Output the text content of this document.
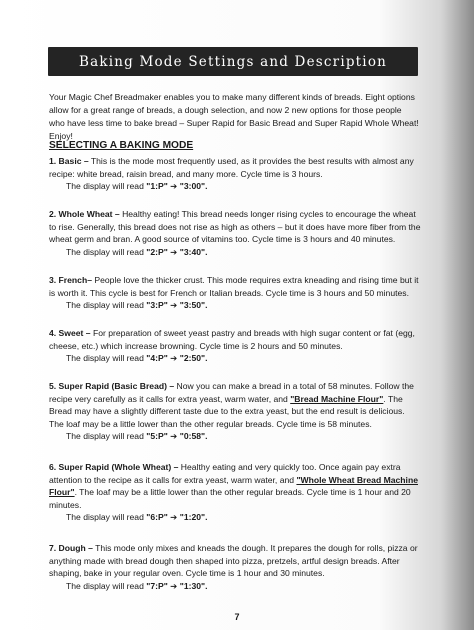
Baking Mode Settings and Description
Your Magic Chef Breadmaker enables you to make many different kinds of breads. Eight options allow for a great range of breads, a dough selection, and now 2 new options for those people who have less time to bake bread – Super Rapid for Basic Bread and Super Rapid Whole Wheat! Enjoy!
SELECTING A BAKING MODE
1. Basic – This is the mode most frequently used, as it provides the best results with almost any recipe: white bread, raisin bread, and many more. Cycle time is 3 hours.
The display will read "1:P" ➔ "3:00".
2. Whole Wheat – Healthy eating! This bread needs longer rising cycles to encourage the wheat to rise. Generally, this bread does not rise as high as others – but it does have more fiber from the wheat germ and bran. A good source of vitamins too. Cycle time is 3 hours and 40 minutes.
The display will read "2:P" ➔ "3:40".
3. French– People love the thicker crust. This mode requires extra kneading and rising time but it is worth it. This cycle is best for French or Italian breads. Cycle time is 3 hours and 50 minutes.
The display will read "3:P" ➔ "3:50".
4. Sweet – For preparation of sweet yeast pastry and breads with high sugar content or fat (egg, cheese, etc.) which increase browning. Cycle time is 2 hours and 50 minutes.
The display will read "4:P" ➔ "2:50".
5. Super Rapid (Basic Bread) – Now you can make a bread in a total of 58 minutes. Follow the recipe very carefully as it calls for extra yeast, warm water, and "Bread Machine Flour". The Bread may have a slightly different taste due to the extra yeast, but the end result is delicious. The loaf may be a little lower than the other regular breads. Cycle time is 58 minutes.
The display will read "5:P" ➔ "0:58".
6. Super Rapid (Whole Wheat) – Healthy eating and very quickly too. Once again pay extra attention to the recipe as it calls for extra yeast, warm water, and "Whole Wheat Bread Machine Flour". The loaf may be a little lower than the other regular breads. Cycle time is 1 hour and 20 minutes.
The display will read "6:P" ➔ "1:20".
7. Dough – This mode only mixes and kneads the dough. It prepares the dough for rolls, pizza or anything made with bread dough then shaped into pizza, pretzels, artful design breads. After shaping, bake in your regular oven. Cycle time is 1 hour and 30 minutes.
The display will read "7:P" ➔ "1:30".
7
